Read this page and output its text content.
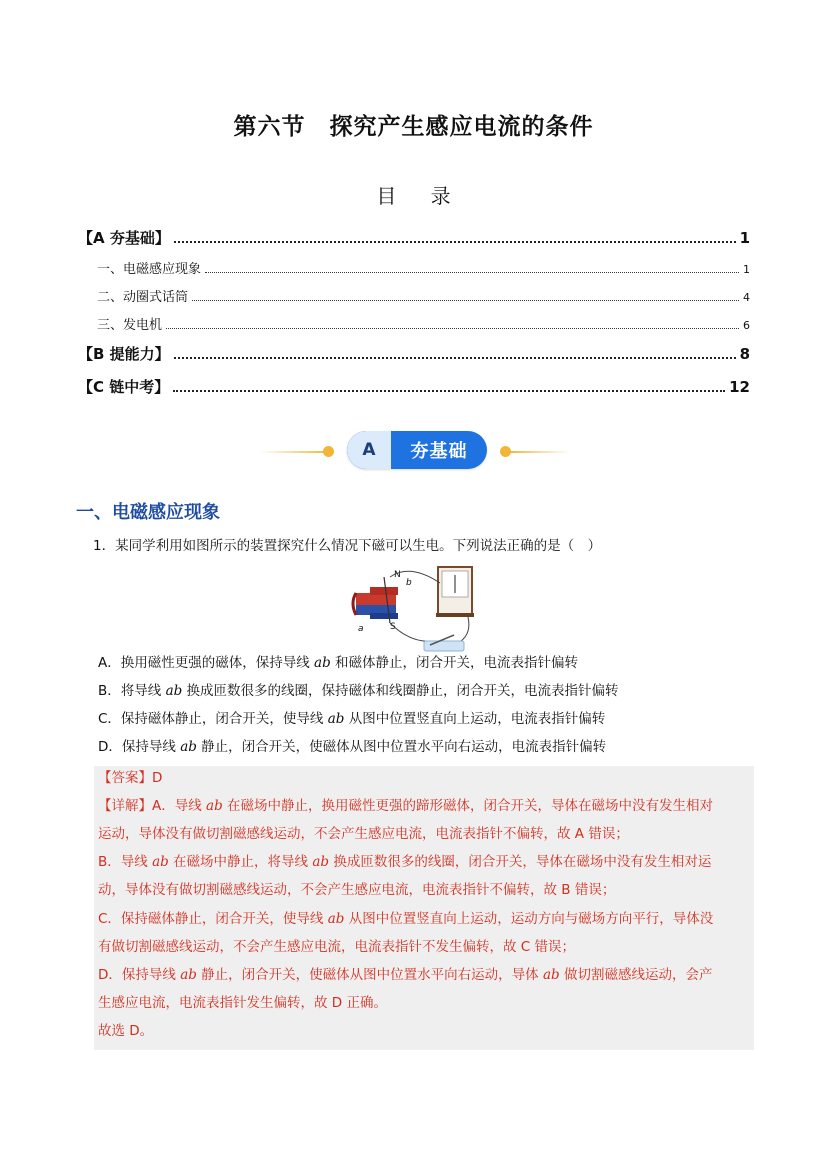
第六节　探究产生感应电流的条件
目 录
【A 夯基础】	1
一、电磁感应现象	1
二、动圈式话筒	4
三、发电机	6
【B 提能力】	8
【C 链中考】	12
A	夯基础
一、电磁感应现象
1．某同学利用如图所示的装置探究什么情况下磁可以生电。下列说法正确的是（　）
N
b
a	S
A．换用磁性更强的磁体，保持导线 ab 和磁体静止，闭合开关，电流表指针偏转
B．将导线 ab 换成匝数很多的线圈，保持磁体和线圈静止，闭合开关，电流表指针偏转
C．保持磁体静止，闭合开关，使导线 ab 从图中位置竖直向上运动，电流表指针偏转
D．保持导线 ab 静止，闭合开关，使磁体从图中位置水平向右运动，电流表指针偏转
【答案】D
【详解】A．导线 ab 在磁场中静止，换用磁性更强的蹄形磁体，闭合开关，导体在磁场中没有发生相对
运动，导体没有做切割磁感线运动，不会产生感应电流，电流表指针不偏转，故 A 错误；
B．导线 ab 在磁场中静止，将导线 ab 换成匝数很多的线圈，闭合开关，导体在磁场中没有发生相对运
动，导体没有做切割磁感线运动，不会产生感应电流，电流表指针不偏转，故 B 错误；
C．保持磁体静止，闭合开关，使导线 ab 从图中位置竖直向上运动，运动方向与磁场方向平行，导体没
有做切割磁感线运动，不会产生感应电流，电流表指针不发生偏转，故 C 错误；
D．保持导线 ab 静止，闭合开关，使磁体从图中位置水平向右运动，导体 ab 做切割磁感线运动，会产
生感应电流，电流表指针发生偏转，故 D 正确。
故选 D。
